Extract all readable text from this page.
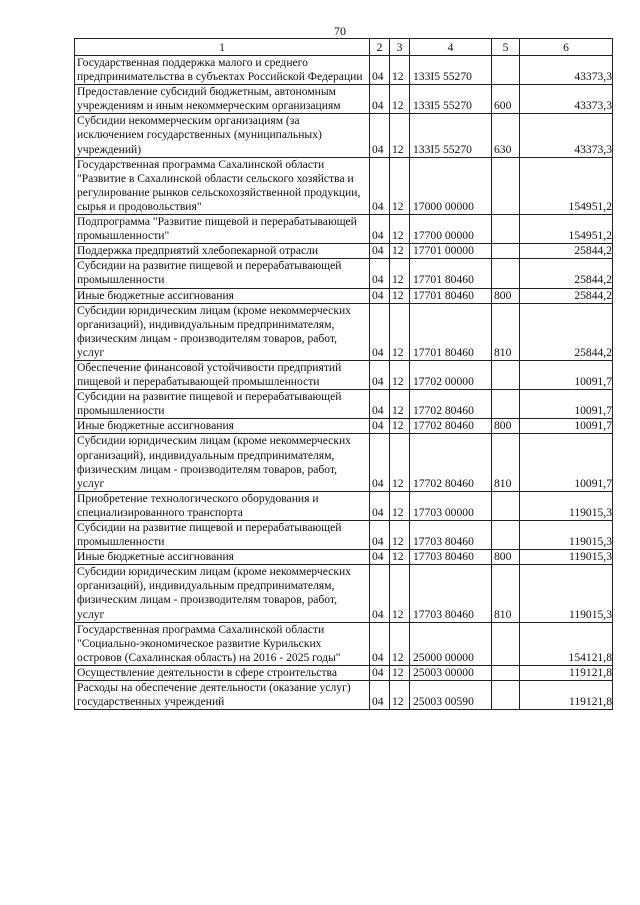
70
1	2	3	4	5	6
Государственная поддержка малого и среднего предпринимательства в субъектах Российской Федерации	04	12	133I5 55270		43373,3
Предоставление субсидий бюджетным, автономным учреждениям и иным некоммерческим организациям	04	12	133I5 55270	600	43373,3
Субсидии некоммерческим организациям (за исключением государственных (муниципальных) учреждений)	04	12	133I5 55270	630	43373,3
Государственная программа Сахалинской области "Развитие в Сахалинской области сельского хозяйства и регулирование рынков сельскохозяйственной продукции, сырья и продовольствия"	04	12	17000 00000		154951,2
Подпрограмма "Развитие пищевой и перерабатывающей промышленности"	04	12	17700 00000		154951,2
Поддержка предприятий хлебопекарной отрасли	04	12	17701 00000		25844,2
Субсидии на развитие пищевой и перерабатывающей промышленности	04	12	17701 80460		25844,2
Иные бюджетные ассигнования	04	12	17701 80460	800	25844,2
Субсидии юридическим лицам (кроме некоммерческих организаций), индивидуальным предпринимателям, физическим лицам - производителям товаров, работ, услуг	04	12	17701 80460	810	25844,2
Обеспечение финансовой устойчивости предприятий пищевой и перерабатывающей промышленности	04	12	17702 00000		10091,7
Субсидии на развитие пищевой и перерабатывающей промышленности	04	12	17702 80460		10091,7
Иные бюджетные ассигнования	04	12	17702 80460	800	10091,7
Субсидии юридическим лицам (кроме некоммерческих организаций), индивидуальным предпринимателям, физическим лицам - производителям товаров, работ, услуг	04	12	17702 80460	810	10091,7
Приобретение технологического оборудования и специализированного транспорта	04	12	17703 00000		119015,3
Субсидии на развитие пищевой и перерабатывающей промышленности	04	12	17703 80460		119015,3
Иные бюджетные ассигнования	04	12	17703 80460	800	119015,3
Субсидии юридическим лицам (кроме некоммерческих организаций), индивидуальным предпринимателям, физическим лицам - производителям товаров, работ, услуг	04	12	17703 80460	810	119015,3
Государственная программа Сахалинской области "Социально-экономическое развитие Курильских островов (Сахалинская область) на 2016 - 2025 годы"	04	12	25000 00000		154121,8
Осуществление деятельности в сфере строительства	04	12	25003 00000		119121,8
Расходы на обеспечение деятельности (оказание услуг) государственных учреждений	04	12	25003 00590		119121,8
